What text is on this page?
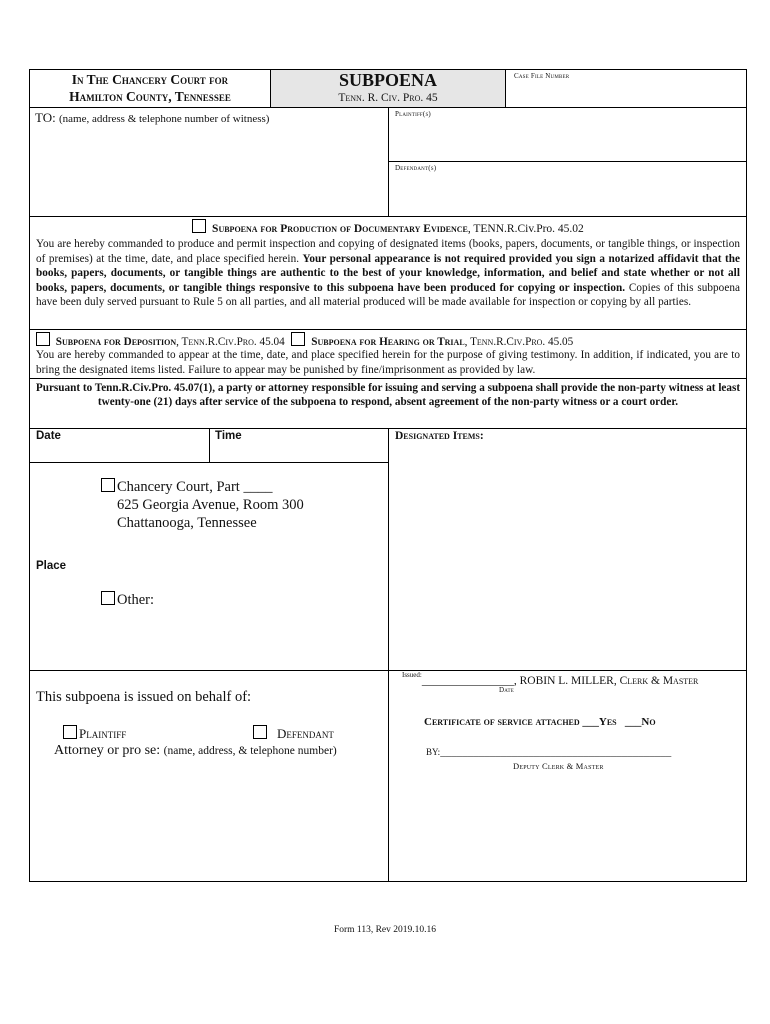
In The Chancery Court for
Hamilton County, Tennessee
SUBPOENA
Tenn. R. Civ. Pro. 45
Case File Number
TO: (name, address & telephone number of witness)	Plaintiff(s)
Defendant(s)
Subpoena for Production of Documentary Evidence, TENN.R.Civ.Pro. 45.02
You are hereby commanded to produce and permit inspection and copying of designated items (books, papers, documents, or tangible things, or inspection of premises) at the time, date, and place specified herein. Your personal appearance is not required provided you sign a notarized affidavit that the books, papers, documents, or tangible things are authentic to the best of your knowledge, information, and belief and state whether or not all books, papers, documents, or tangible things responsive to this subpoena have been produced for copying or inspection. Copies of this subpoena have been duly served pursuant to Rule 5 on all parties, and all material produced will be made available for inspection or copying by all parties.
Subpoena for Deposition, Tenn.R.Civ.Pro. 45.04 Subpoena for Hearing or Trial, Tenn.R.Civ.Pro. 45.05
You are hereby commanded to appear at the time, date, and place specified herein for the purpose of giving testimony. In addition, if indicated, you are to bring the designated items listed. Failure to appear may be punished by fine/imprisonment as provided by law.
Pursuant to Tenn.R.Civ.Pro. 45.07(1), a party or attorney responsible for issuing and serving a subpoena shall provide the non-party witness at least twenty-one (21) days after service of the subpoena to respond, absent agreement of the non-party witness or a court order.
Date	Time	Designated Items:
Chancery Court, Part ____
625 Georgia Avenue, Room 300
Chattanooga, Tennessee
Place
Other:
This subpoena is issued on behalf of:
Plaintiff	Defendant
Attorney or pro se: (name, address, & telephone number)
$^{Issued:}$________________, ROBIN L. MILLER, Clerk & Master
Date
Certificate of service attached ___Yes ___No
BY:__________________________________________
Deputy Clerk & Master
Form 113, Rev 2019.10.16
